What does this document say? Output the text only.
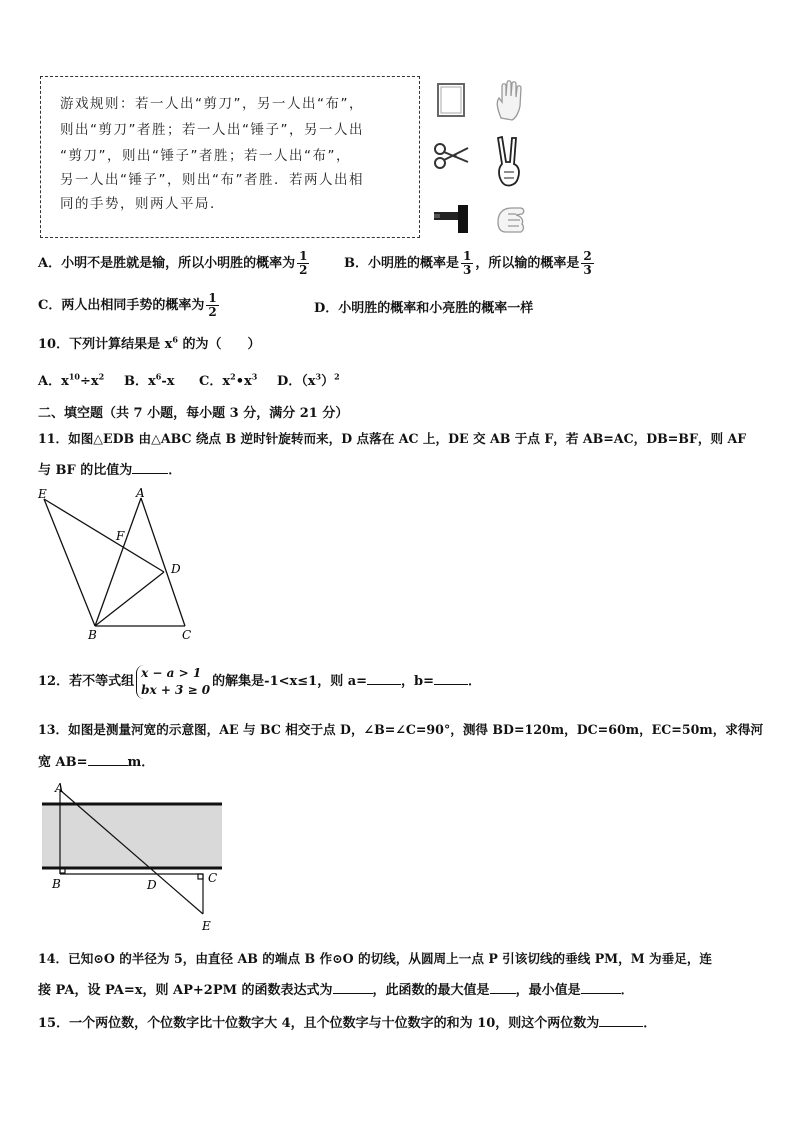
游戏规则：若一人出“剪刀”，另一人出“布”，
则出“剪刀”者胜；若一人出“锤子”，另一人出
“剪刀”，则出“锤子”者胜；若一人出“布”，
另一人出“锤子”，则出“布”者胜．若两人出相
同的手势，则两人平局．
A．小明不是胜就是输，所以小明胜的概率为 $\frac{1}{2}$	B．小明胜的概率是 $\frac{1}{3}$ ，所以输的概率是 $\frac{2}{3}$
C．两人出相同手势的概率为 $\frac{1}{2}$	D．小明胜的概率和小亮胜的概率一样
10．下列计算结果是 $x^6$ 的为（　　）
A．$x^{10}\div x^2$ B．$x^6-x$ C．$x^2•x^3$ D．$(x^3)^2$
二、填空题（共 7 小题，每小题 3 分，满分 21 分）
11．如图△EDB 由△ABC 绕点 B 逆时针旋转而来，D 点落在 AC 上，DE 交 AB 于点 F，若 AB=AC，DB=BF，则 AF
与 BF 的比值为	．
E	A
F
D
B	C
12．若不等式组
x − a > 1
bx + 3 ≥ 0
的解集是-1<x≤1，则 a=	，b=	．
13．如图是测量河宽的示意图，AE 与 BC 相交于点 D，∠B=∠C=90°，测得 BD=120m，DC=60m，EC=50m，求得河
宽 AB=	m．
A
B	D	C
E
14．已知⊙O 的半径为 5，由直径 AB 的端点 B 作⊙O 的切线，从圆周上一点 P 引该切线的垂线 PM，M 为垂足，连
接 PA，设 PA=x，则 AP+2PM 的函数表达式为	，此函数的最大值是 ，最小值是	．
15．一个两位数，个位数字比十位数字大 4，且个位数字与十位数字的和为 10，则这个两位数为	．
